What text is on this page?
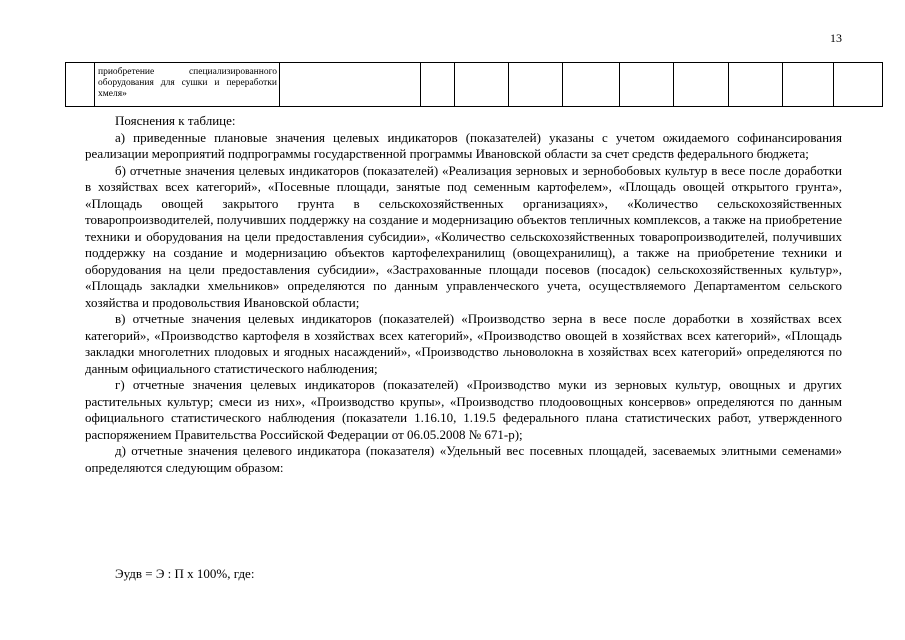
13

приобретение специализированного оборудования для сушки и переработки хмеля»

Пояснения к таблице:

а) приведенные плановые значения целевых индикаторов (показателей) указаны с учетом ожидаемого софинансирования реализации мероприятий подпрограммы государственной программы Ивановской области за счет средств федерального бюджета;

б) отчетные значения целевых индикаторов (показателей) «Реализация зерновых и зернобобовых культур в весе после доработки в хозяйствах всех категорий», «Посевные площади, занятые под семенным картофелем», «Площадь овощей открытого грунта», «Площадь овощей закрытого грунта в сельскохозяйственных организациях», «Количество сельскохозяйственных товаропроизводителей, получивших поддержку на создание и модернизацию объектов тепличных комплексов, а также на приобретение техники и оборудования на цели предоставления субсидии», «Количество сельскохозяйственных товаропроизводителей, получивших поддержку на создание и модернизацию объектов картофелехранилищ (овощехранилищ), а также на приобретение техники и оборудования на цели предоставления субсидии», «Застрахованные площади посевов (посадок) сельскохозяйственных культур», «Площадь закладки хмельников» определяются по данным управленческого учета, осуществляемого Департаментом сельского хозяйства и продовольствия Ивановской области;

в) отчетные значения целевых индикаторов (показателей) «Производство зерна в весе после доработки в хозяйствах всех категорий», «Производство картофеля в хозяйствах всех категорий», «Производство овощей в хозяйствах всех категорий», «Площадь закладки многолетних плодовых и ягодных насаждений», «Производство льноволокна в хозяйствах всех категорий» определяются по данным официального статистического наблюдения;

г) отчетные значения целевых индикаторов (показателей) «Производство муки из зерновых культур, овощных и других растительных культур; смеси из них», «Производство крупы», «Производство плодоовощных консервов» определяются по данным официального статистического наблюдения (показатели 1.16.10, 1.19.5 федерального плана статистических работ, утвержденного распоряжением Правительства Российской Федерации от 06.05.2008 № 671-р);

д) отчетные значения целевого индикатора (показателя) «Удельный вес посевных площадей, засеваемых элитными семенами» определяются следующим образом:

Эудв = Э : П х 100%, где:
